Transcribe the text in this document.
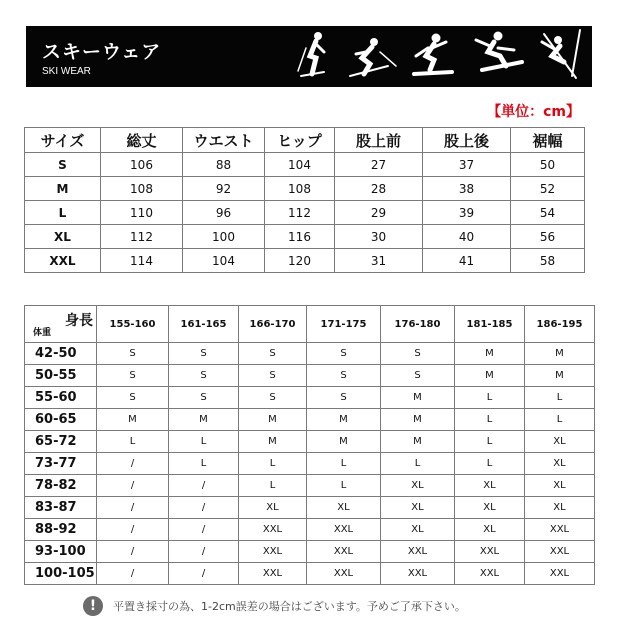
スキーウェア
SKI WEAR
【単位：cm】
サイズ	総丈	ウエスト	ヒップ	股上前	股上後	裾幅
S	106	88	104	27	37	50
M	108	92	108	28	38	52
L	110	96	112	29	39	54
XL	112	100	116	30	40	56
XXL	114	104	120	31	41	58
体重
身長	155-160	161-165	166-170	171-175	176-180	181-185	186-195
42-50	S	S	S	S	S	M	M
50-55	S	S	S	S	S	M	M
55-60	S	S	S	S	M	L	L
60-65	M	M	M	M	M	L	L
65-72	L	L	M	M	M	L	XL
73-77	/	L	L	L	L	L	XL
78-82	/	/	L	L	XL	XL	XL
83-87	/	/	XL	XL	XL	XL	XL
88-92	/	/	XXL	XXL	XL	XL	XXL
93-100	/	/	XXL	XXL	XXL	XXL	XXL
100-105	/	/	XXL	XXL	XXL	XXL	XXL
!	平置き採寸の為、1-2cm誤差の場合はございます。予めご了承下さい。
